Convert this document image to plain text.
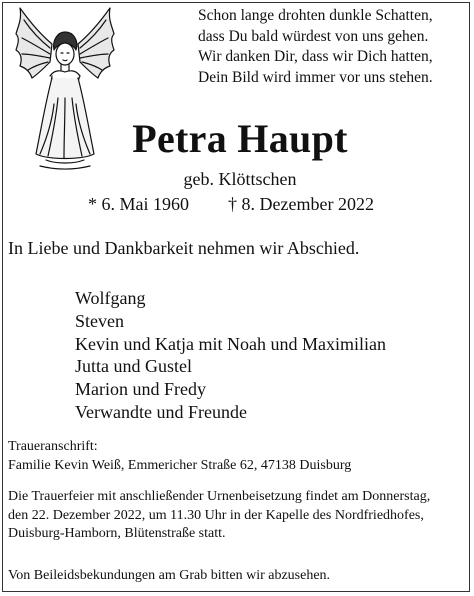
Schon lange drohten dunkle Schatten,
dass Du bald würdest von uns gehen.
Wir danken Dir, dass wir Dich hatten,
Dein Bild wird immer vor uns stehen.
Petra Haupt
geb. Klöttschen
* 6. Mai 1960 † 8. Dezember 2022
In Liebe und Dankbarkeit nehmen wir Abschied.
Wolfgang
Steven
Kevin und Katja mit Noah und Maximilian
Jutta und Gustel
Marion und Fredy
Verwandte und Freunde
Traueranschrift:
Familie Kevin Weiß, Emmericher Straße 62, 47138 Duisburg
Die Trauerfeier mit anschließender Urnenbeisetzung findet am Donnerstag,
den 22. Dezember 2022, um 11.30 Uhr in der Kapelle des Nordfriedhofes,
Duisburg-Hamborn, Blütenstraße statt.
Von Beileidsbekundungen am Grab bitten wir abzusehen.
